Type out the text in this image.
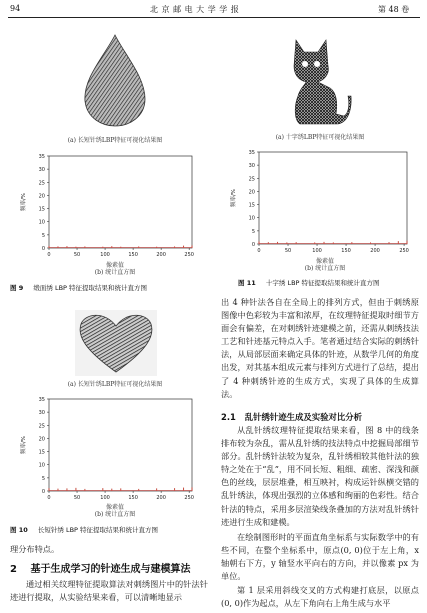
94	北 京 邮 电 大 学 学 报	第 48 卷
(a) 长短针绣LBP特征可视化结果图
0
5
10
15
20
25
30
35
0	50	100	150	200	250
频率/%
像素值
(b) 统计直方图
图 9 缎面绣 LBP 特征提取结果和统计直方图
(a) 长短针绣LBP特征可视化结果图
0
5
10
15
20
25
30
35
0	50	100	150	200	250
频率/%
像素值
(b) 统计直方图
图 10 长短针绣 LBP 特征提取结果和统计直方图
理分布特点。
2 基于生成学习的针迹生成与建模算法

通过相关纹理特征提取算法对刺绣图片中的针法针迹进行提取，从实验结果来看，可以清晰地显示

(a) 十字绣LBP特征可视化结果图
0
5
10
15
20
25
30
35
0	50	100	150	200	250
频率/%
像素值
(b) 统计直方图
图 11 十字绣 LBP 特征提取结果和统计直方图

出 4 种针法各自在全局上的排列方式，但由于刺绣原图像中色彩较为丰富和浓厚，在纹理特征提取时细节方面会有偏差，在对刺绣针迹建模之前，还需从刺绣技法工艺和针迹基元特点入手。笔者通过结合实际的刺绣针法，从局部层面来确定具体的针迹，从数学几何的角度出发，对其基本组成元素与排列方式进行了总结，提出了 4 种刺绣针迹的生成方式，实现了具体的生成算法。

2.1 乱针绣针迹生成及实验对比分析

从乱针绣纹理特征提取结果来看，图 8 中的线条排布较为杂乱，需从乱针绣的技法特点中挖掘局部细节部分。乱针绣针法较为复杂，乱针绣相较其他针法的独特之处在于“乱”，用不同长短、粗细、疏密、深浅和颜色的丝线，层层堆叠，相互映衬，构成运针纵横交错的乱针绣法，体现出强烈的立体感和绚丽的色彩性。结合针法的特点，采用多层渲染线条叠加的方法对乱针绣针迹进行生成和建模。

在绘制图形时的平面直角坐标系与实际数学中的有些不同，在整个坐标系中，原点(0, 0)位于左上角，x 轴朝右下方，y 轴竖水平向右的方向，并以像素 px 为单位。

第 1 层采用斜线交叉的方式构建打底层，以原点(0, 0)作为起点，从左下角向右上角生成与水平
